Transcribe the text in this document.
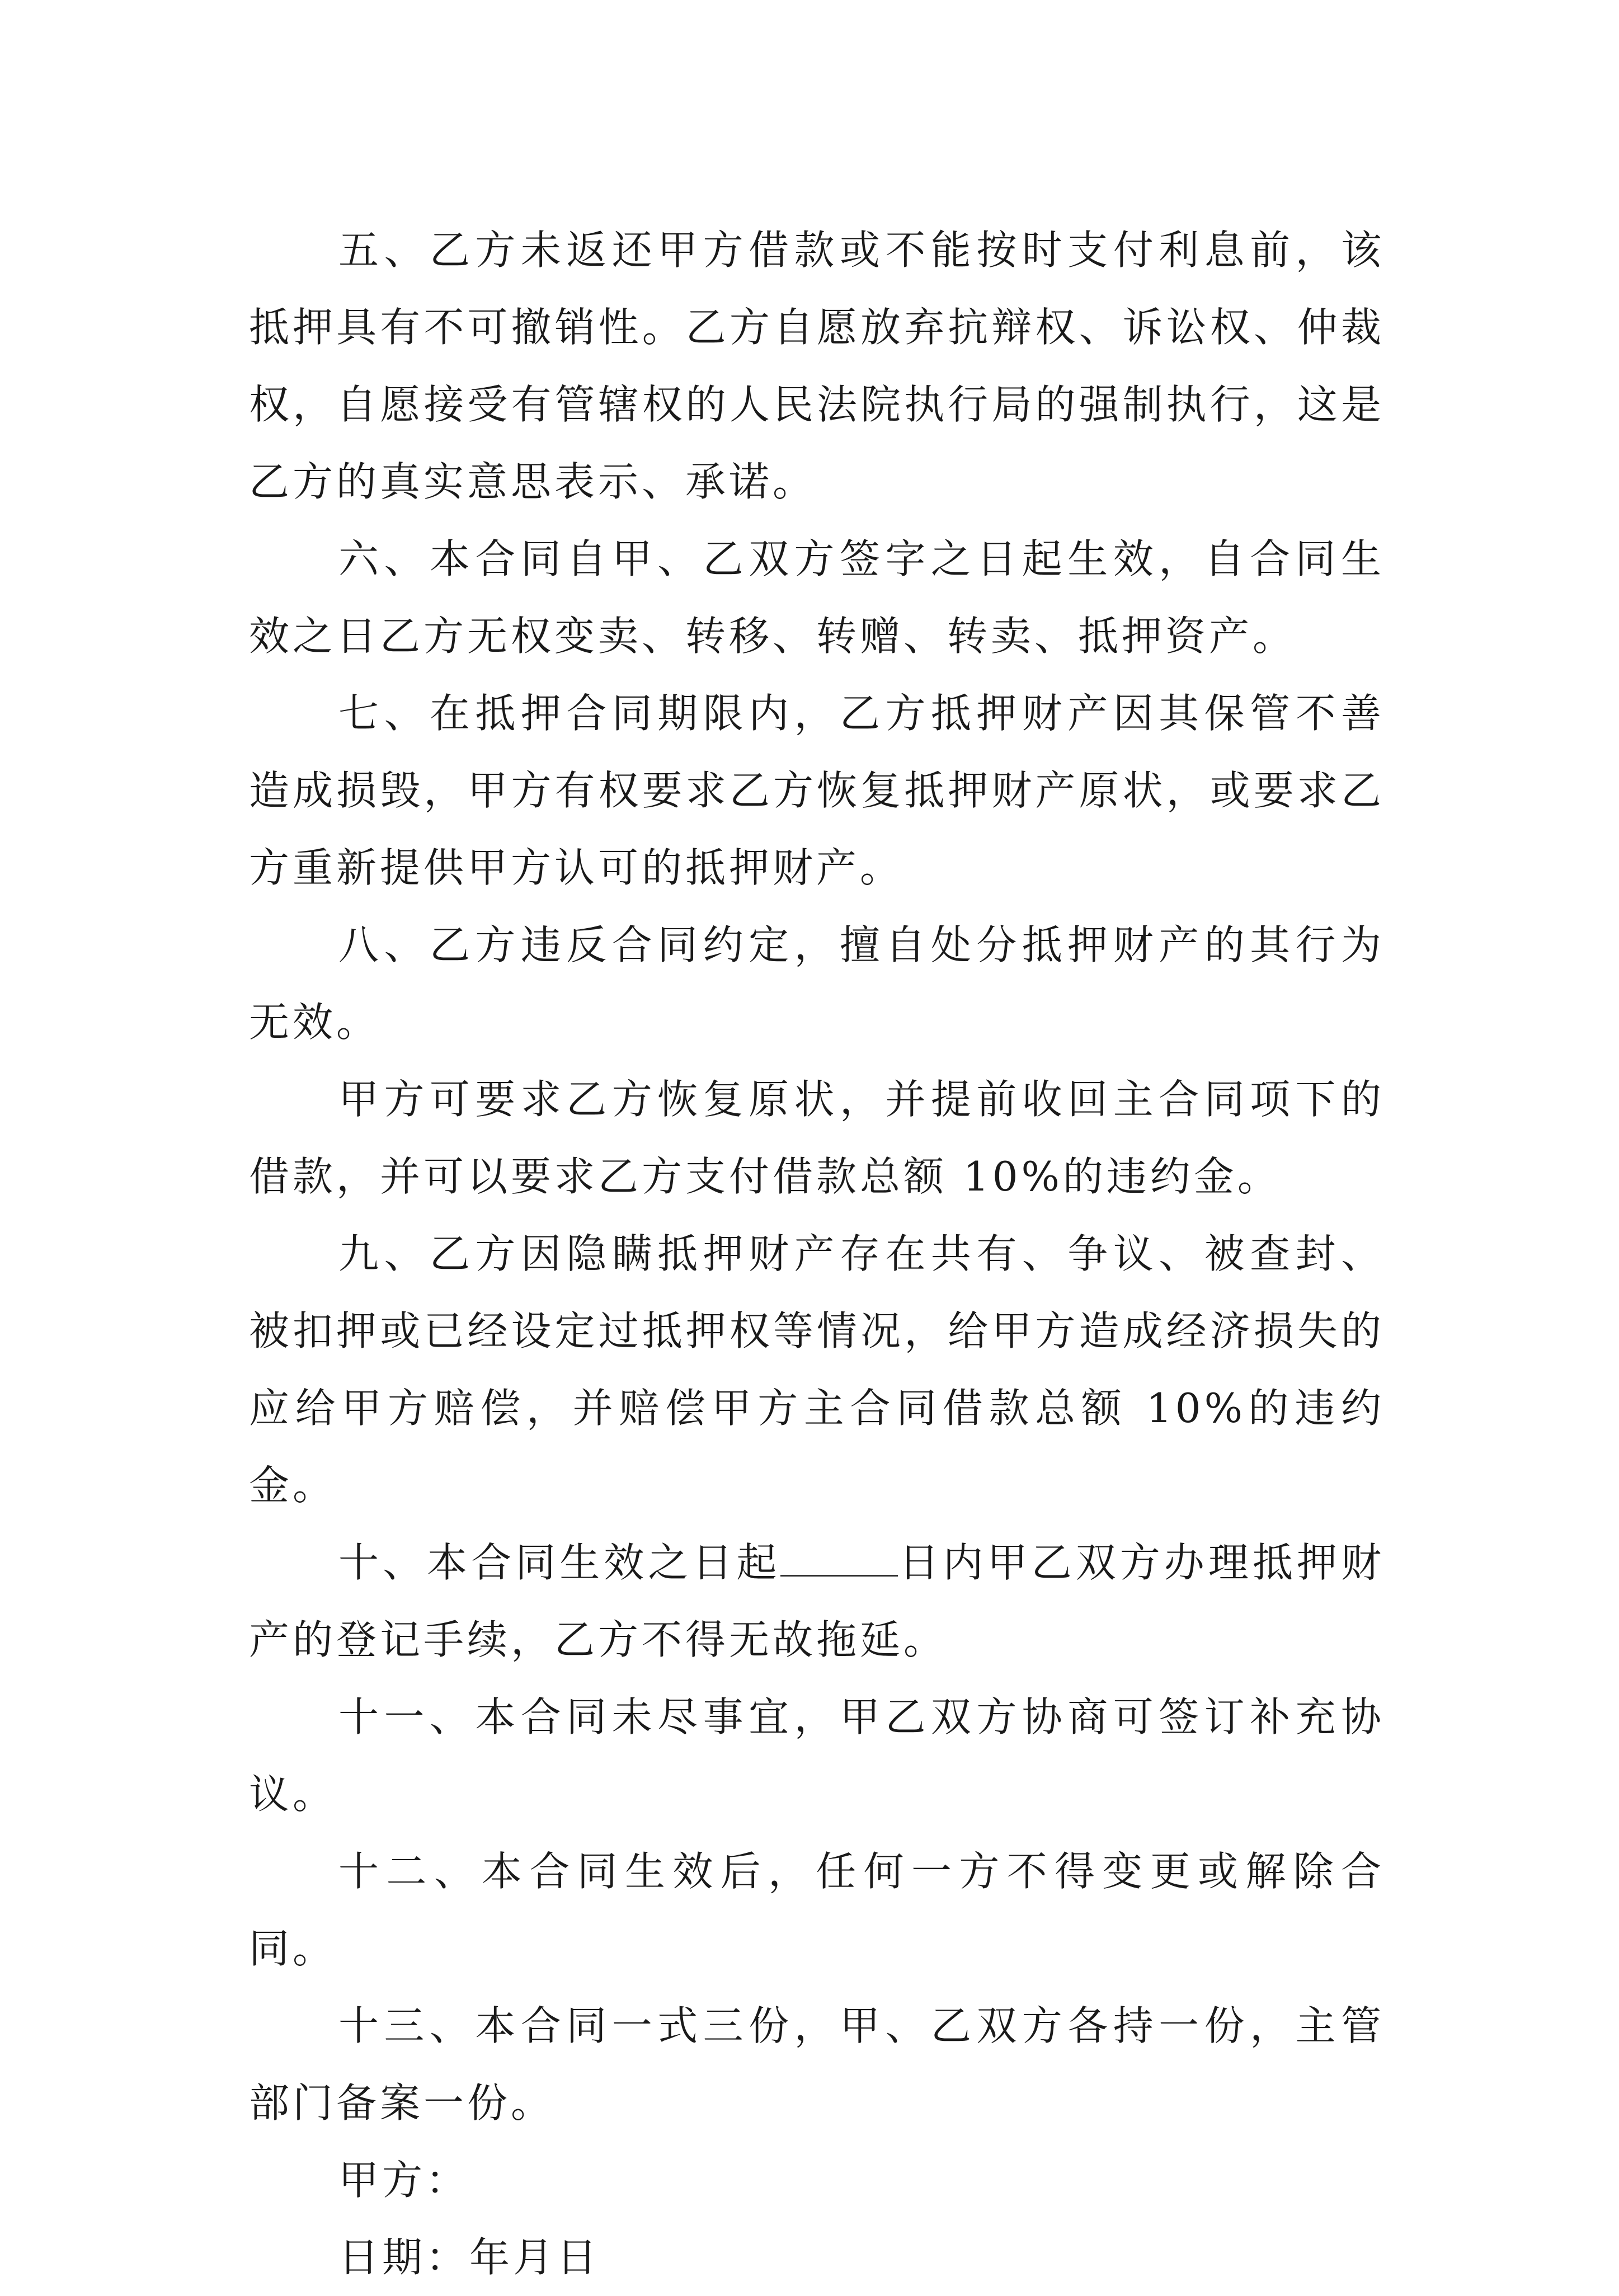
五、乙方未返还甲方借款或不能按时支付利息前，该抵押具有不可撤销性。乙方自愿放弃抗辩权、诉讼权、仲裁权，自愿接受有管辖权的人民法院执行局的强制执行，这是乙方的真实意思表示、承诺。

六、本合同自甲、乙双方签字之日起生效，自合同生效之日乙方无权变卖、转移、转赠、转卖、抵押资产。

七、在抵押合同期限内，乙方抵押财产因其保管不善造成损毁，甲方有权要求乙方恢复抵押财产原状，或要求乙方重新提供甲方认可的抵押财产。

八、乙方违反合同约定，擅自处分抵押财产的其行为无效。

甲方可要求乙方恢复原状，并提前收回主合同项下的借款，并可以要求乙方支付借款总额 10%的违约金。

九、乙方因隐瞒抵押财产存在共有、争议、被查封、被扣押或已经设定过抵押权等情况，给甲方造成经济损失的应给甲方赔偿，并赔偿甲方主合同借款总额 10%的违约金。

十、本合同生效之日起	日内甲乙双方办理抵押财产的登记手续，乙方不得无故拖延。

十一、本合同未尽事宜，甲乙双方协商可签订补充协议。

十二、本合同生效后，任何一方不得变更或解除合同。

十三、本合同一式三份，甲、乙双方各持一份，主管部门备案一份。

甲方：

日期：年月日
